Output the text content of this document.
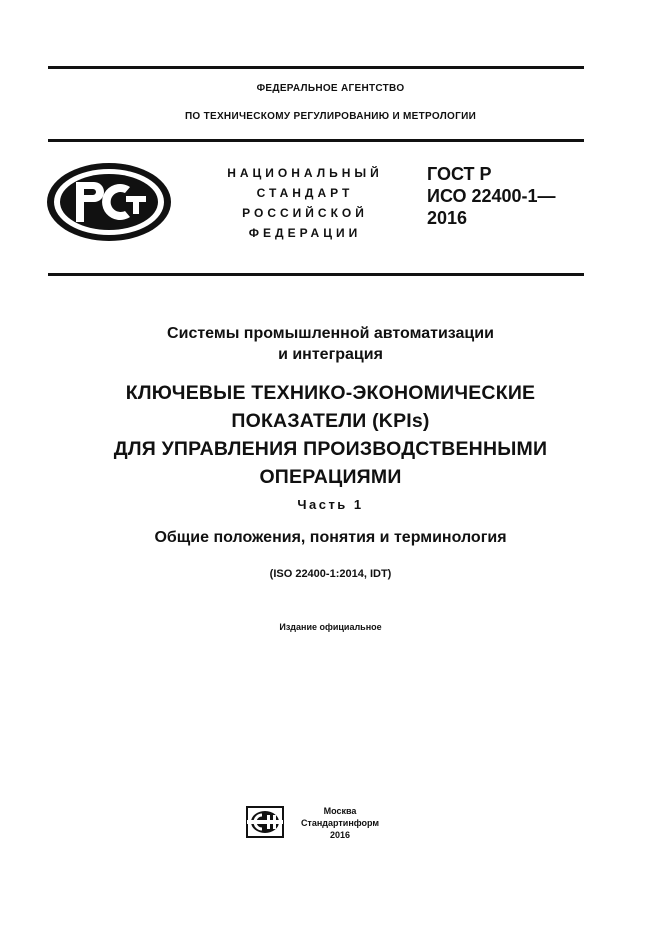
ФЕДЕРАЛЬНОЕ АГЕНТСТВО
ПО ТЕХНИЧЕСКОМУ РЕГУЛИРОВАНИЮ И МЕТРОЛОГИИ
НАЦИОНАЛЬНЫЙ
СТАНДАРТ
РОССИЙСКОЙ
ФЕДЕРАЦИИ
ГОСТ Р
ИСО 22400-1—
2016
Системы промышленной автоматизации
и интеграция
КЛЮЧЕВЫЕ ТЕХНИКО-ЭКОНОМИЧЕСКИЕ
ПОКАЗАТЕЛИ (KPIs)
ДЛЯ УПРАВЛЕНИЯ ПРОИЗВОДСТВЕННЫМИ
ОПЕРАЦИЯМИ
Часть 1
Общие положения, понятия и терминология
(ISO 22400-1:2014, IDT)
Издание официальное
Москва
Стандартинформ
2016
